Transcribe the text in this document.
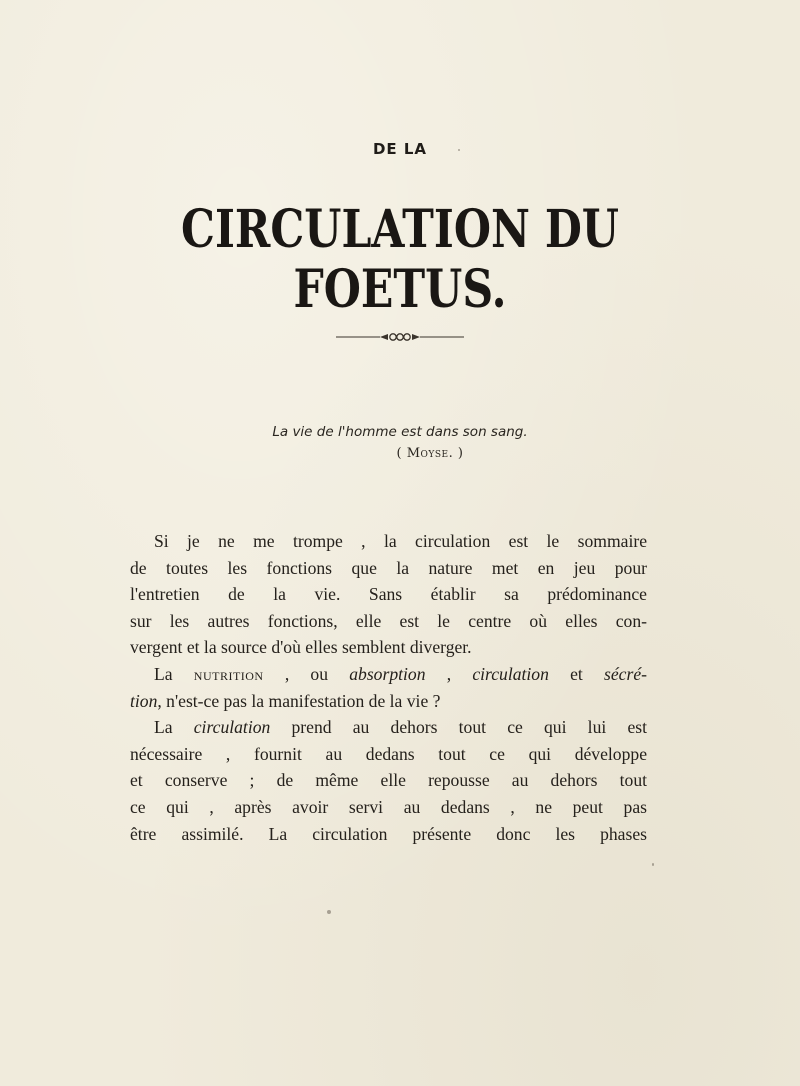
DE LA
CIRCULATION DU FOETUS.
La vie de l'homme est dans son sang.
( Moyse. )

Si je ne me trompe , la circulation est le sommaire
de toutes les fonctions que la nature met en jeu pour
l'entretien de la vie. Sans établir sa prédominance
sur les autres fonctions, elle est le centre où elles con-
vergent et la source d'où elles semblent diverger.

La nutrition , ou absorption , circulation et sécré-
tion, n'est-ce pas la manifestation de la vie ?

La circulation prend au dehors tout ce qui lui est
nécessaire , fournit au dedans tout ce qui développe
et conserve ; de même elle repousse au dehors tout
ce qui , après avoir servi au dedans , ne peut pas
être assimilé. La circulation présente donc les phases
